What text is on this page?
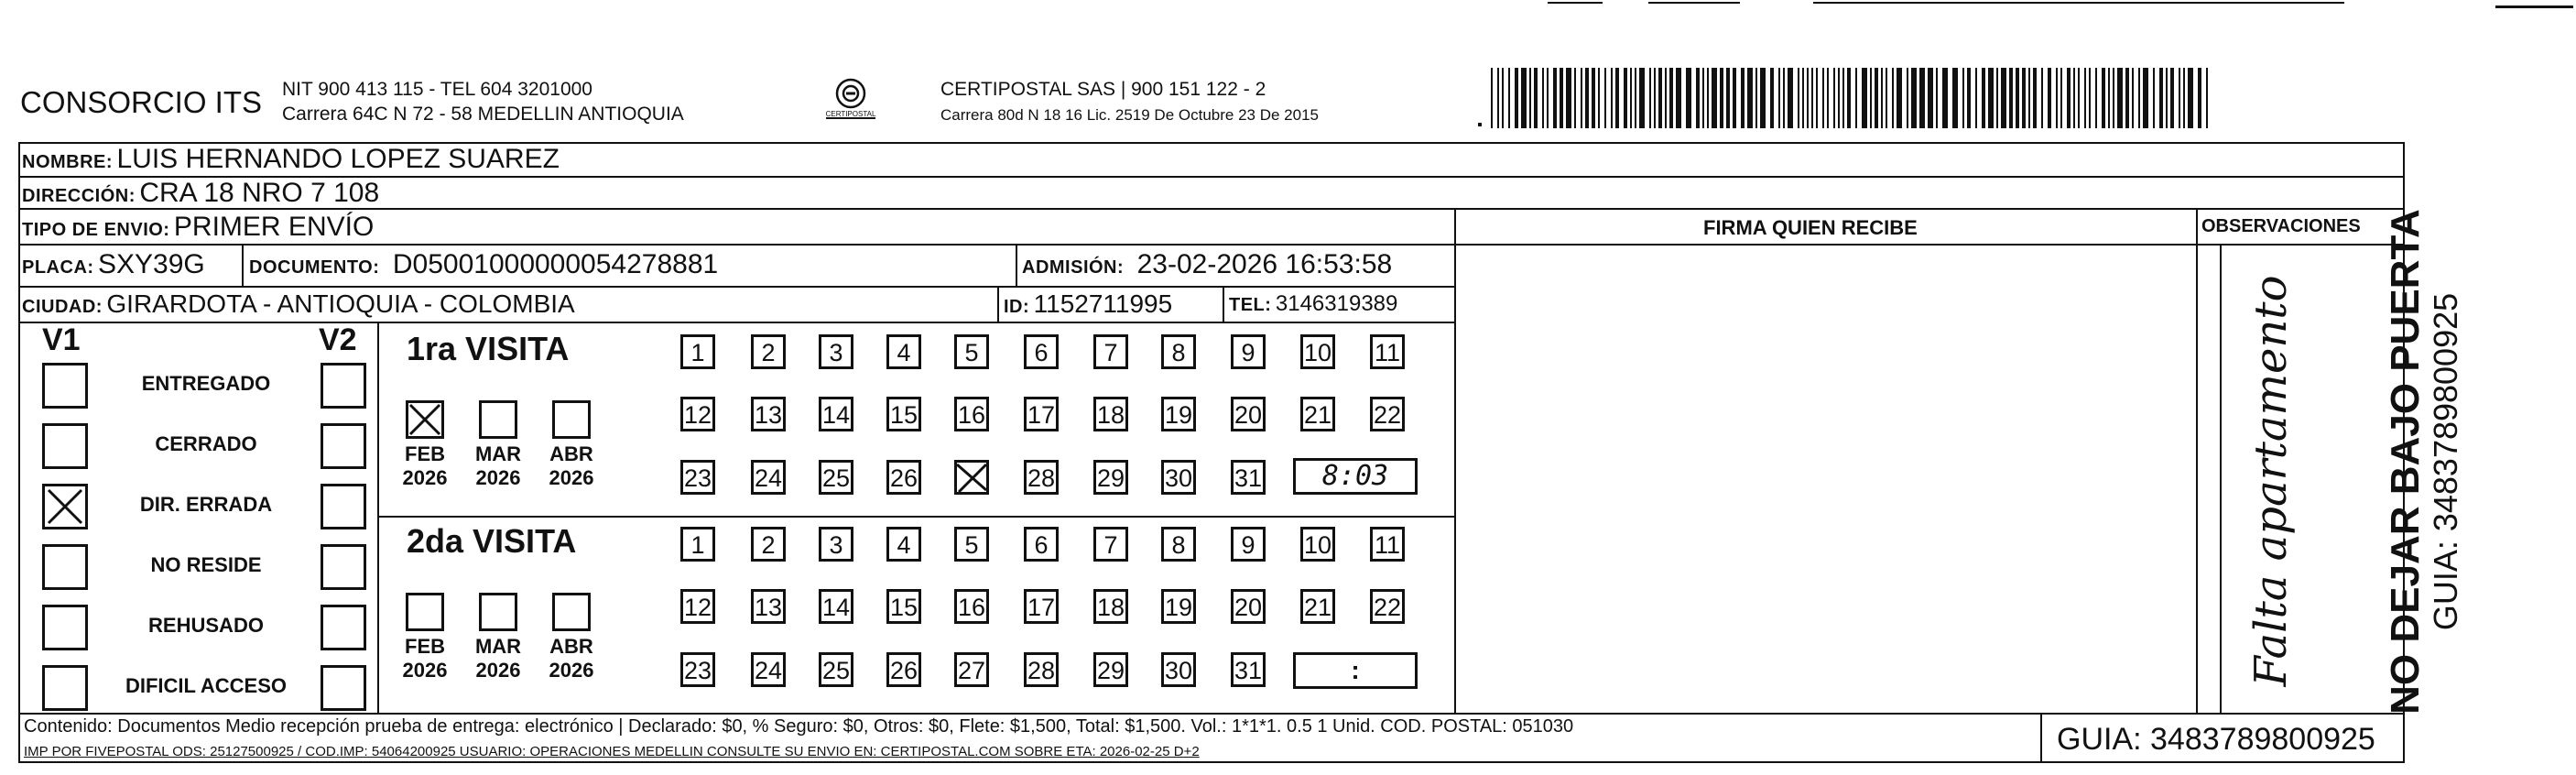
CONSORCIO ITS NIT 900 413 115 - TEL 604 3201000
Carrera 64C N 72 - 58 MEDELLIN ANTIOQUIA	CERTIPOSTAL
CERTIPOSTAL SAS | 900 151 122 - 2
Carrera 80d N 18 16 Lic. 2519 De Octubre 23 De 2015
NOMBRE: LUIS HERNANDO LOPEZ SUAREZ
DIRECCIÓN: CRA 18 NRO 7 108
TIPO DE ENVIO: PRIMER ENVÍO	FIRMA QUIEN RECIBE	OBSERVACIONES
PLACA: SXY39G DOCUMENTO: D05001000000054278881	ADMISIÓN: 23-02-2026 16:53:58
CIUDAD: GIRARDOTA - ANTIOQUIA - COLOMBIA	ID: 1152711995	TEL: 3146319389
V1	V2 1ra VISITA
2da VISITA
8:03
:	Falta apartamento NO DEJAR BAJO PUERTA GUIA: 3483789800925
Contenido: Documentos Medio recepción prueba de entrega: electrónico | Declarado: $0, % Seguro: $0, Otros: $0, Flete: $1,500, Total: $1,500. Vol.: 1*1*1. 0.5 1 Unid. COD. POSTAL: 051030
IMP POR FIVEPOSTAL ODS: 25127500925 / COD.IMP: 54064200925 USUARIO: OPERACIONES MEDELLIN CONSULTE SU ENVIO EN: CERTIPOSTAL.COM SOBRE ETA: 2026-02-25 D+2	GUIA: 3483789800925
ENTREGADO
CERRADO
DIR. ERRADA
NO RESIDE
REHUSADO
DIFICIL ACCESO
FEB
2026
MAR
2026
ABR
2026
FEB
2026
MAR
2026
ABR
2026
1	2	3	4	5	6	7	8	9	10 11
12 13 14 15 16 17 18 19 20 21 22
23 24 25 26	28 29 30 31
1	2	3	4	5	6	7	8	9	10 11
12 13 14 15 16 17 18 19 20 21 22
23 24 25 26 27 28 29 30 31
